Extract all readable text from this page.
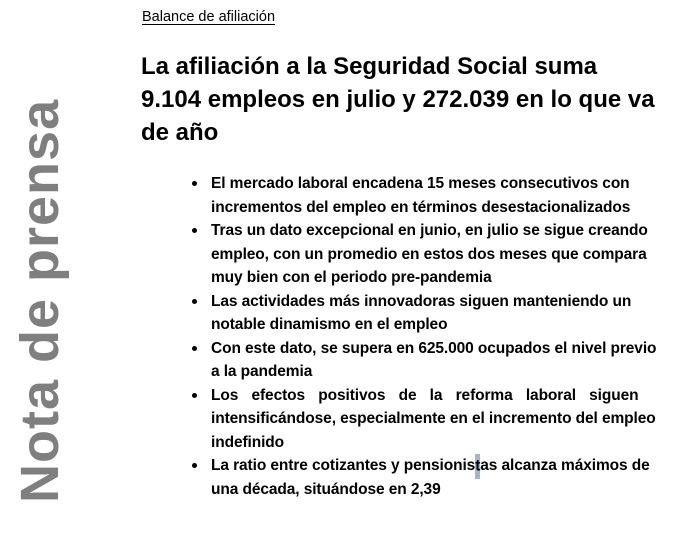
Nota de prensa
Balance de afiliación
La afiliación a la Seguridad Social suma
9.104 empleos en julio y 272.039 en lo que va
de año
El mercado laboral encadena 15 meses consecutivos con
incrementos del empleo en términos desestacionalizados
Tras un dato excepcional en junio, en julio se sigue creando
empleo, con un promedio en estos dos meses que compara
muy bien con el periodo pre-pandemia
Las actividades más innovadoras siguen manteniendo un
notable dinamismo en el empleo
Con este dato, se supera en 625.000 ocupados el nivel previo
a la pandemia
Los efectos positivos de la reforma laboral siguen
intensificándose, especialmente en el incremento del empleo
indefinido
La ratio entre cotizantes y pensionistas alcanza máximos de
una década, situándose en 2,39
